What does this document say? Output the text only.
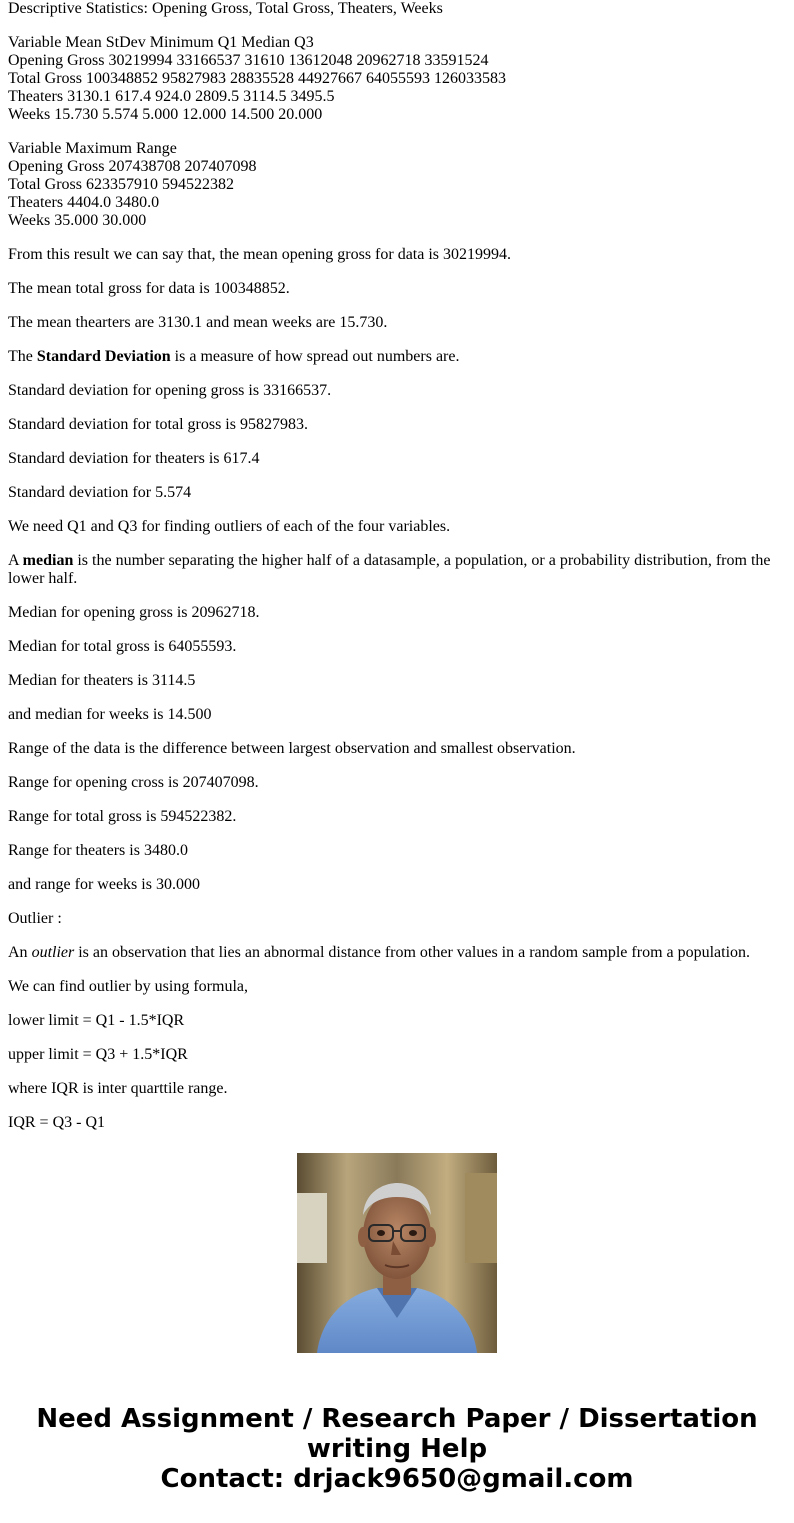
Descriptive Statistics: Opening Gross, Total Gross, Theaters, Weeks

Variable Mean StDev Minimum Q1 Median Q3
Opening Gross 30219994 33166537 31610 13612048 20962718 33591524
Total Gross 100348852 95827983 28835528 44927667 64055593 126033583
Theaters 3130.1 617.4 924.0 2809.5 3114.5 3495.5
Weeks 15.730 5.574 5.000 12.000 14.500 20.000

Variable Maximum Range
Opening Gross 207438708 207407098
Total Gross 623357910 594522382
Theaters 4404.0 3480.0
Weeks 35.000 30.000

From this result we can say that, the mean opening gross for data is 30219994.

The mean total gross for data is 100348852.

The mean thearters are 3130.1 and mean weeks are 15.730.

The Standard Deviation is a measure of how spread out numbers are.

Standard deviation for opening gross is 33166537.

Standard deviation for total gross is 95827983.

Standard deviation for theaters is 617.4

Standard deviation for 5.574

We need Q1 and Q3 for finding outliers of each of the four variables.

A median is the number separating the higher half of a datasample, a population, or a probability distribution, from the lower half.

Median for opening gross is 20962718.

Median for total gross is 64055593.

Median for theaters is 3114.5

and median for weeks is 14.500

Range of the data is the difference between largest observation and smallest observation.

Range for opening cross is 207407098.

Range for total gross is 594522382.

Range for theaters is 3480.0

and range for weeks is 30.000

Outlier :

An outlier is an observation that lies an abnormal distance from other values in a random sample from a population.

We can find outlier by using formula,

lower limit = Q1 - 1.5*IQR

upper limit = Q3 + 1.5*IQR

where IQR is inter quarttile range.

IQR = Q3 - Q1

Need Assignment / Research Paper / Dissertation
writing Help
Contact: drjack9650@gmail.com
